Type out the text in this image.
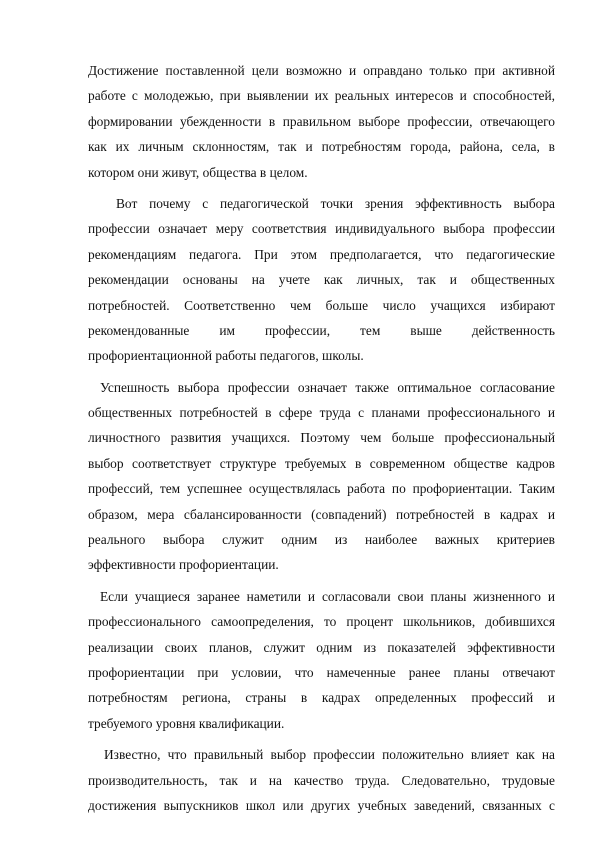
Достижение поставленной цели возможно и оправдано только при активной
работе с молодежью, при выявлении их реальных интересов и способностей,
формировании убежденности в правильном выборе профессии, отвечающего
как их личным склонностям, так и потребностям города, района, села, в
котором они живут, общества в целом.
Вот почему с педагогической точки зрения эффективность выбора
профессии означает меру соответствия индивидуального выбора профессии
рекомендациям педагога. При этом предполагается, что педагогические
рекомендации основаны на учете как личных, так и общественных
потребностей. Соответственно чем больше число учащихся избирают
рекомендованные им профессии, тем выше действенность
профориентационной работы педагогов, школы.
Успешность выбора профессии означает также оптимальное согласование
общественных потребностей в сфере труда с планами профессионального и
личностного развития учащихся. Поэтому чем больше профессиональный
выбор соответствует структуре требуемых в современном обществе кадров
профессий, тем успешнее осуществлялась работа по профориентации. Таким
образом, мера сбалансированности (совпадений) потребностей в кадрах и
реального выбора служит одним из наиболее важных критериев
эффективности профориентации.
Если учащиеся заранее наметили и согласовали свои планы жизненного и
профессионального самоопределения, то процент школьников, добившихся
реализации своих планов, служит одним из показателей эффективности
профориентации при условии, что намеченные ранее планы отвечают
потребностям региона, страны в кадрах определенных профессий и
требуемого уровня квалификации.
Известно, что правильный выбор профессии положительно влияет как на
производительность, так и на качество труда. Следовательно, трудовые
достижения выпускников школ или других учебных заведений, связанных с
